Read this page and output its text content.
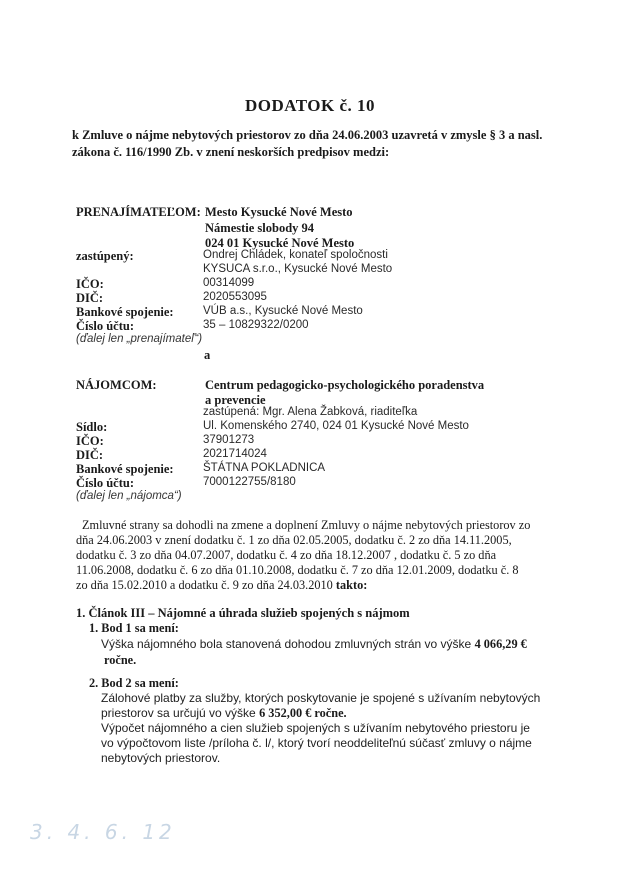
DODATOK č. 10
k Zmluve o nájme nebytových priestorov zo dňa 24.06.2003 uzavretá v zmysle § 3 a nasl.
zákona č. 116/1990 Zb. v znení neskorších predpisov medzi:
PRENAJÍMATEĽOM: Mesto Kysucké Nové Mesto
Námestie slobody 94
024 01 Kysucké Nové Mesto
zastúpený:	Ondrej Chládek, konateľ spoločnosti
KYSUCA s.r.o., Kysucké Nové Mesto
IČO:	00314099
DIČ:	2020553095
Bankové spojenie:	VÚB a.s., Kysucké Nové Mesto
Číslo účtu:	35 – 10829322/0200
(ďalej len „prenajímateľ“)
a
NÁJOMCOM:	Centrum pedagogicko-psychologického poradenstva
a prevencie
zastúpená: Mgr. Alena Žabková, riaditeľka
Sídlo:	Ul. Komenského 2740, 024 01 Kysucké Nové Mesto
IČO:	37901273
DIČ:	2021714024
Bankové spojenie:	ŠTÁTNA POKLADNICA
Číslo účtu:	7000122755/8180
(ďalej len „nájomca“)
Zmluvné strany sa dohodli na zmene a doplnení Zmluvy o nájme nebytových priestorov zo
dňa 24.06.2003 v znení dodatku č. 1 zo dňa 02.05.2005, dodatku č. 2 zo dňa 14.11.2005,
dodatku č. 3 zo dňa 04.07.2007, dodatku č. 4 zo dňa 18.12.2007 , dodatku č. 5 zo dňa
11.06.2008, dodatku č. 6 zo dňa 01.10.2008, dodatku č. 7 zo dňa 12.01.2009, dodatku č. 8
zo dňa 15.02.2010 a dodatku č. 9 zo dňa 24.03.2010 takto:
1. Článok III – Nájomné a úhrada služieb spojených s nájmom
1. Bod 1 sa mení:
Výška nájomného bola stanovená dohodou zmluvných strán vo výške 4 066,29 €
ročne.
2. Bod 2 sa mení:
Zálohové platby za služby, ktorých poskytovanie je spojené s užívaním nebytových
priestorov sa určujú vo výške 6 352,00 € ročne.
Výpočet nájomného a cien služieb spojených s užívaním nebytového priestoru je
vo výpočtovom liste /príloha č. l/, ktorý tvorí neoddeliteľnú súčasť zmluvy o nájme
nebytových priestorov.
3. 4. 6. 12
